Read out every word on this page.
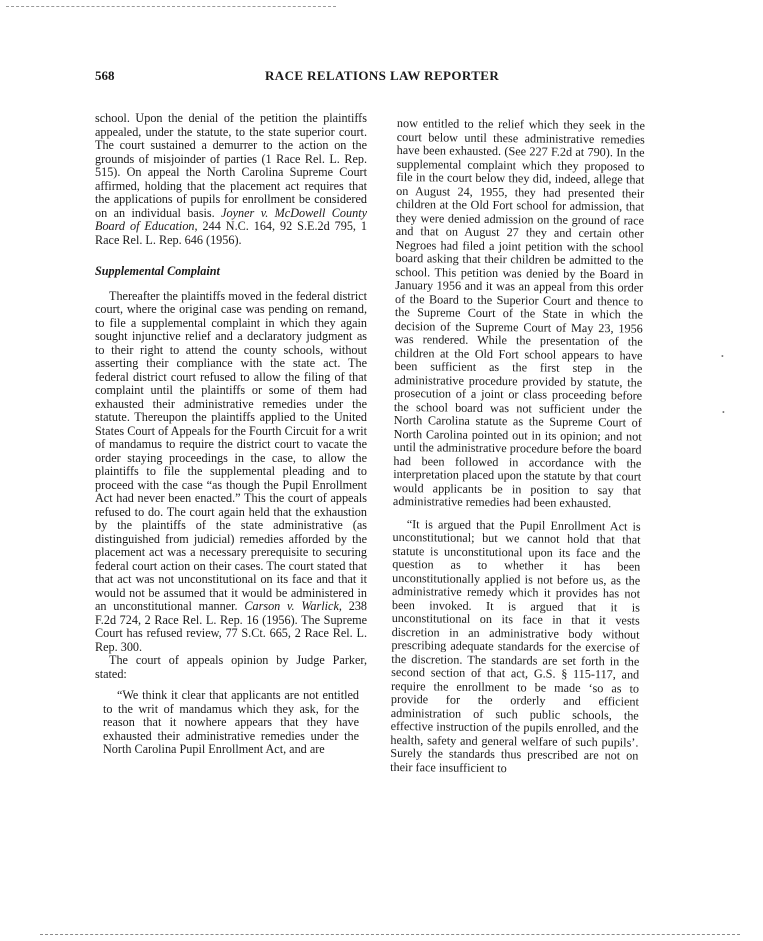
568	RACE RELATIONS LAW REPORTER

school. Upon the denial of the petition the plaintiffs appealed, under the statute, to the state superior court. The court sustained a demurrer to the action on the grounds of misjoinder of parties (1 Race Rel. L. Rep. 515). On appeal the North Carolina Supreme Court affirmed, holding that the placement act requires that the applications of pupils for enrollment be considered on an individual basis. Joyner v. McDowell County Board of Education, 244 N.C. 164, 92 S.E.2d 795, 1 Race Rel. L. Rep. 646 (1956).

Supplemental Complaint

Thereafter the plaintiffs moved in the federal district court, where the original case was pending on remand, to file a supplemental complaint in which they again sought injunctive relief and a declaratory judgment as to their right to attend the county schools, without asserting their compliance with the state act. The federal district court refused to allow the filing of that complaint until the plaintiffs or some of them had exhausted their administrative remedies under the statute. Thereupon the plaintiffs applied to the United States Court of Appeals for the Fourth Circuit for a writ of mandamus to require the district court to vacate the order staying proceedings in the case, to allow the plaintiffs to file the supplemental pleading and to proceed with the case “as though the Pupil Enrollment Act had never been enacted.” This the court of appeals refused to do. The court again held that the exhaustion by the plaintiffs of the state administrative (as distinguished from judicial) remedies afforded by the placement act was a necessary prerequisite to securing federal court action on their cases. The court stated that that act was not unconstitutional on its face and that it would not be assumed that it would be administered in an unconstitutional manner. Carson v. Warlick, 238 F.2d 724, 2 Race Rel. L. Rep. 16 (1956). The Supreme Court has refused review, 77 S.Ct. 665, 2 Race Rel. L. Rep. 300.

The court of appeals opinion by Judge Parker, stated:

“We think it clear that applicants are not entitled to the writ of mandamus which they ask, for the reason that it nowhere appears that they have exhausted their administrative remedies under the North Carolina Pupil Enrollment Act, and are

now entitled to the relief which they seek in the court below until these administrative remedies have been exhausted. (See 227 F.2d at 790). In the supplemental complaint which they proposed to file in the court below they did, indeed, allege that on August 24, 1955, they had presented their children at the Old Fort school for admission, that they were denied admission on the ground of race and that on August 27 they and certain other Negroes had filed a joint petition with the school board asking that their children be admitted to the school. This petition was denied by the Board in January 1956 and it was an appeal from this order of the Board to the Superior Court and thence to the Supreme Court of the State in which the decision of the Supreme Court of May 23, 1956 was rendered. While the presentation of the children at the Old Fort school appears to have been sufficient as the first step in the administrative procedure provided by statute, the prosecution of a joint or class proceeding before the school board was not sufficient under the North Carolina statute as the Supreme Court of North Carolina pointed out in its opinion; and not until the administrative procedure before the board had been followed in accordance with the interpretation placed upon the statute by that court would applicants be in position to say that administrative remedies had been exhausted.

“It is argued that the Pupil Enrollment Act is unconstitutional; but we cannot hold that that statute is unconstitutional upon its face and the question as to whether it has been unconstitutionally applied is not before us, as the administrative remedy which it provides has not been invoked. It is argued that it is unconstitutional on its face in that it vests discretion in an administrative body without prescribing adequate standards for the exercise of the discretion. The standards are set forth in the second section of that act, G.S. § 115-117, and require the enrollment to be made ‘so as to provide for the orderly and efficient administration of such public schools, the effective instruction of the pupils enrolled, and the health, safety and general welfare of such pupils’. Surely the standards thus prescribed are not on their face insufficient to

•
•
